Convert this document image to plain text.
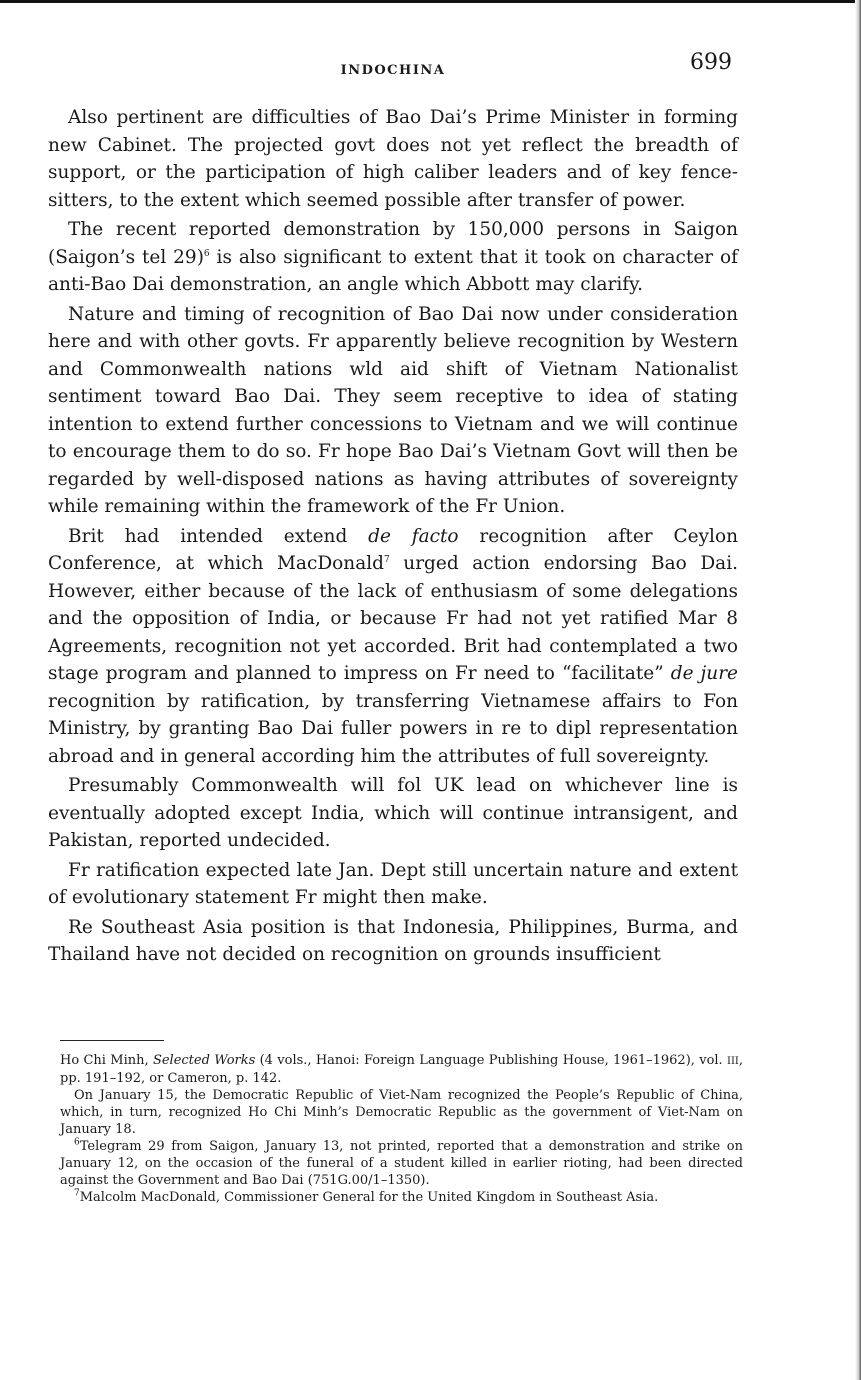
INDOCHINA	699

Also pertinent are difficulties of Bao Dai’s Prime Minister in forming new Cabinet. The projected govt does not yet reflect the breadth of support, or the participation of high caliber leaders and of key fence-sitters, to the extent which seemed possible after transfer of power.

The recent reported demonstration by 150,000 persons in Saigon (Saigon’s tel 29)$^6$ is also significant to extent that it took on character of anti-Bao Dai demonstration, an angle which Abbott may clarify.

Nature and timing of recognition of Bao Dai now under consideration here and with other govts. Fr apparently believe recognition by Western and Commonwealth nations wld aid shift of Vietnam Nationalist sentiment toward Bao Dai. They seem receptive to idea of stating intention to extend further concessions to Vietnam and we will continue to encourage them to do so. Fr hope Bao Dai’s Vietnam Govt will then be regarded by well-disposed nations as having attributes of sovereignty while remaining within the framework of the Fr Union.

Brit had intended extend de facto recognition after Ceylon Conference, at which MacDonald$^7$ urged action endorsing Bao Dai. However, either because of the lack of enthusiasm of some delegations and the opposition of India, or because Fr had not yet ratified Mar 8 Agreements, recognition not yet accorded. Brit had contemplated a two stage program and planned to impress on Fr need to “facilitate” de jure recognition by ratification, by transferring Vietnamese affairs to Fon Ministry, by granting Bao Dai fuller powers in re to dipl representation abroad and in general according him the attributes of full sovereignty.

Presumably Commonwealth will fol UK lead on whichever line is eventually adopted except India, which will continue intransigent, and Pakistan, reported undecided.

Fr ratification expected late Jan. Dept still uncertain nature and extent of evolutionary statement Fr might then make.

Re Southeast Asia position is that Indonesia, Philippines, Burma, and Thailand have not decided on recognition on grounds insufficient

Ho Chi Minh, Selected Works (4 vols., Hanoi: Foreign Language Publishing House, 1961–1962), vol. III, pp. 191–192, or Cameron, p. 142.

On January 15, the Democratic Republic of Viet-Nam recognized the People’s Republic of China, which, in turn, recognized Ho Chi Minh’s Democratic Republic as the government of Viet-Nam on January 18.

$^6$Telegram 29 from Saigon, January 13, not printed, reported that a demonstration and strike on January 12, on the occasion of the funeral of a student killed in earlier rioting, had been directed against the Government and Bao Dai (751G.00/1–1350).

$^7$Malcolm MacDonald, Commissioner General for the United Kingdom in Southeast Asia.
